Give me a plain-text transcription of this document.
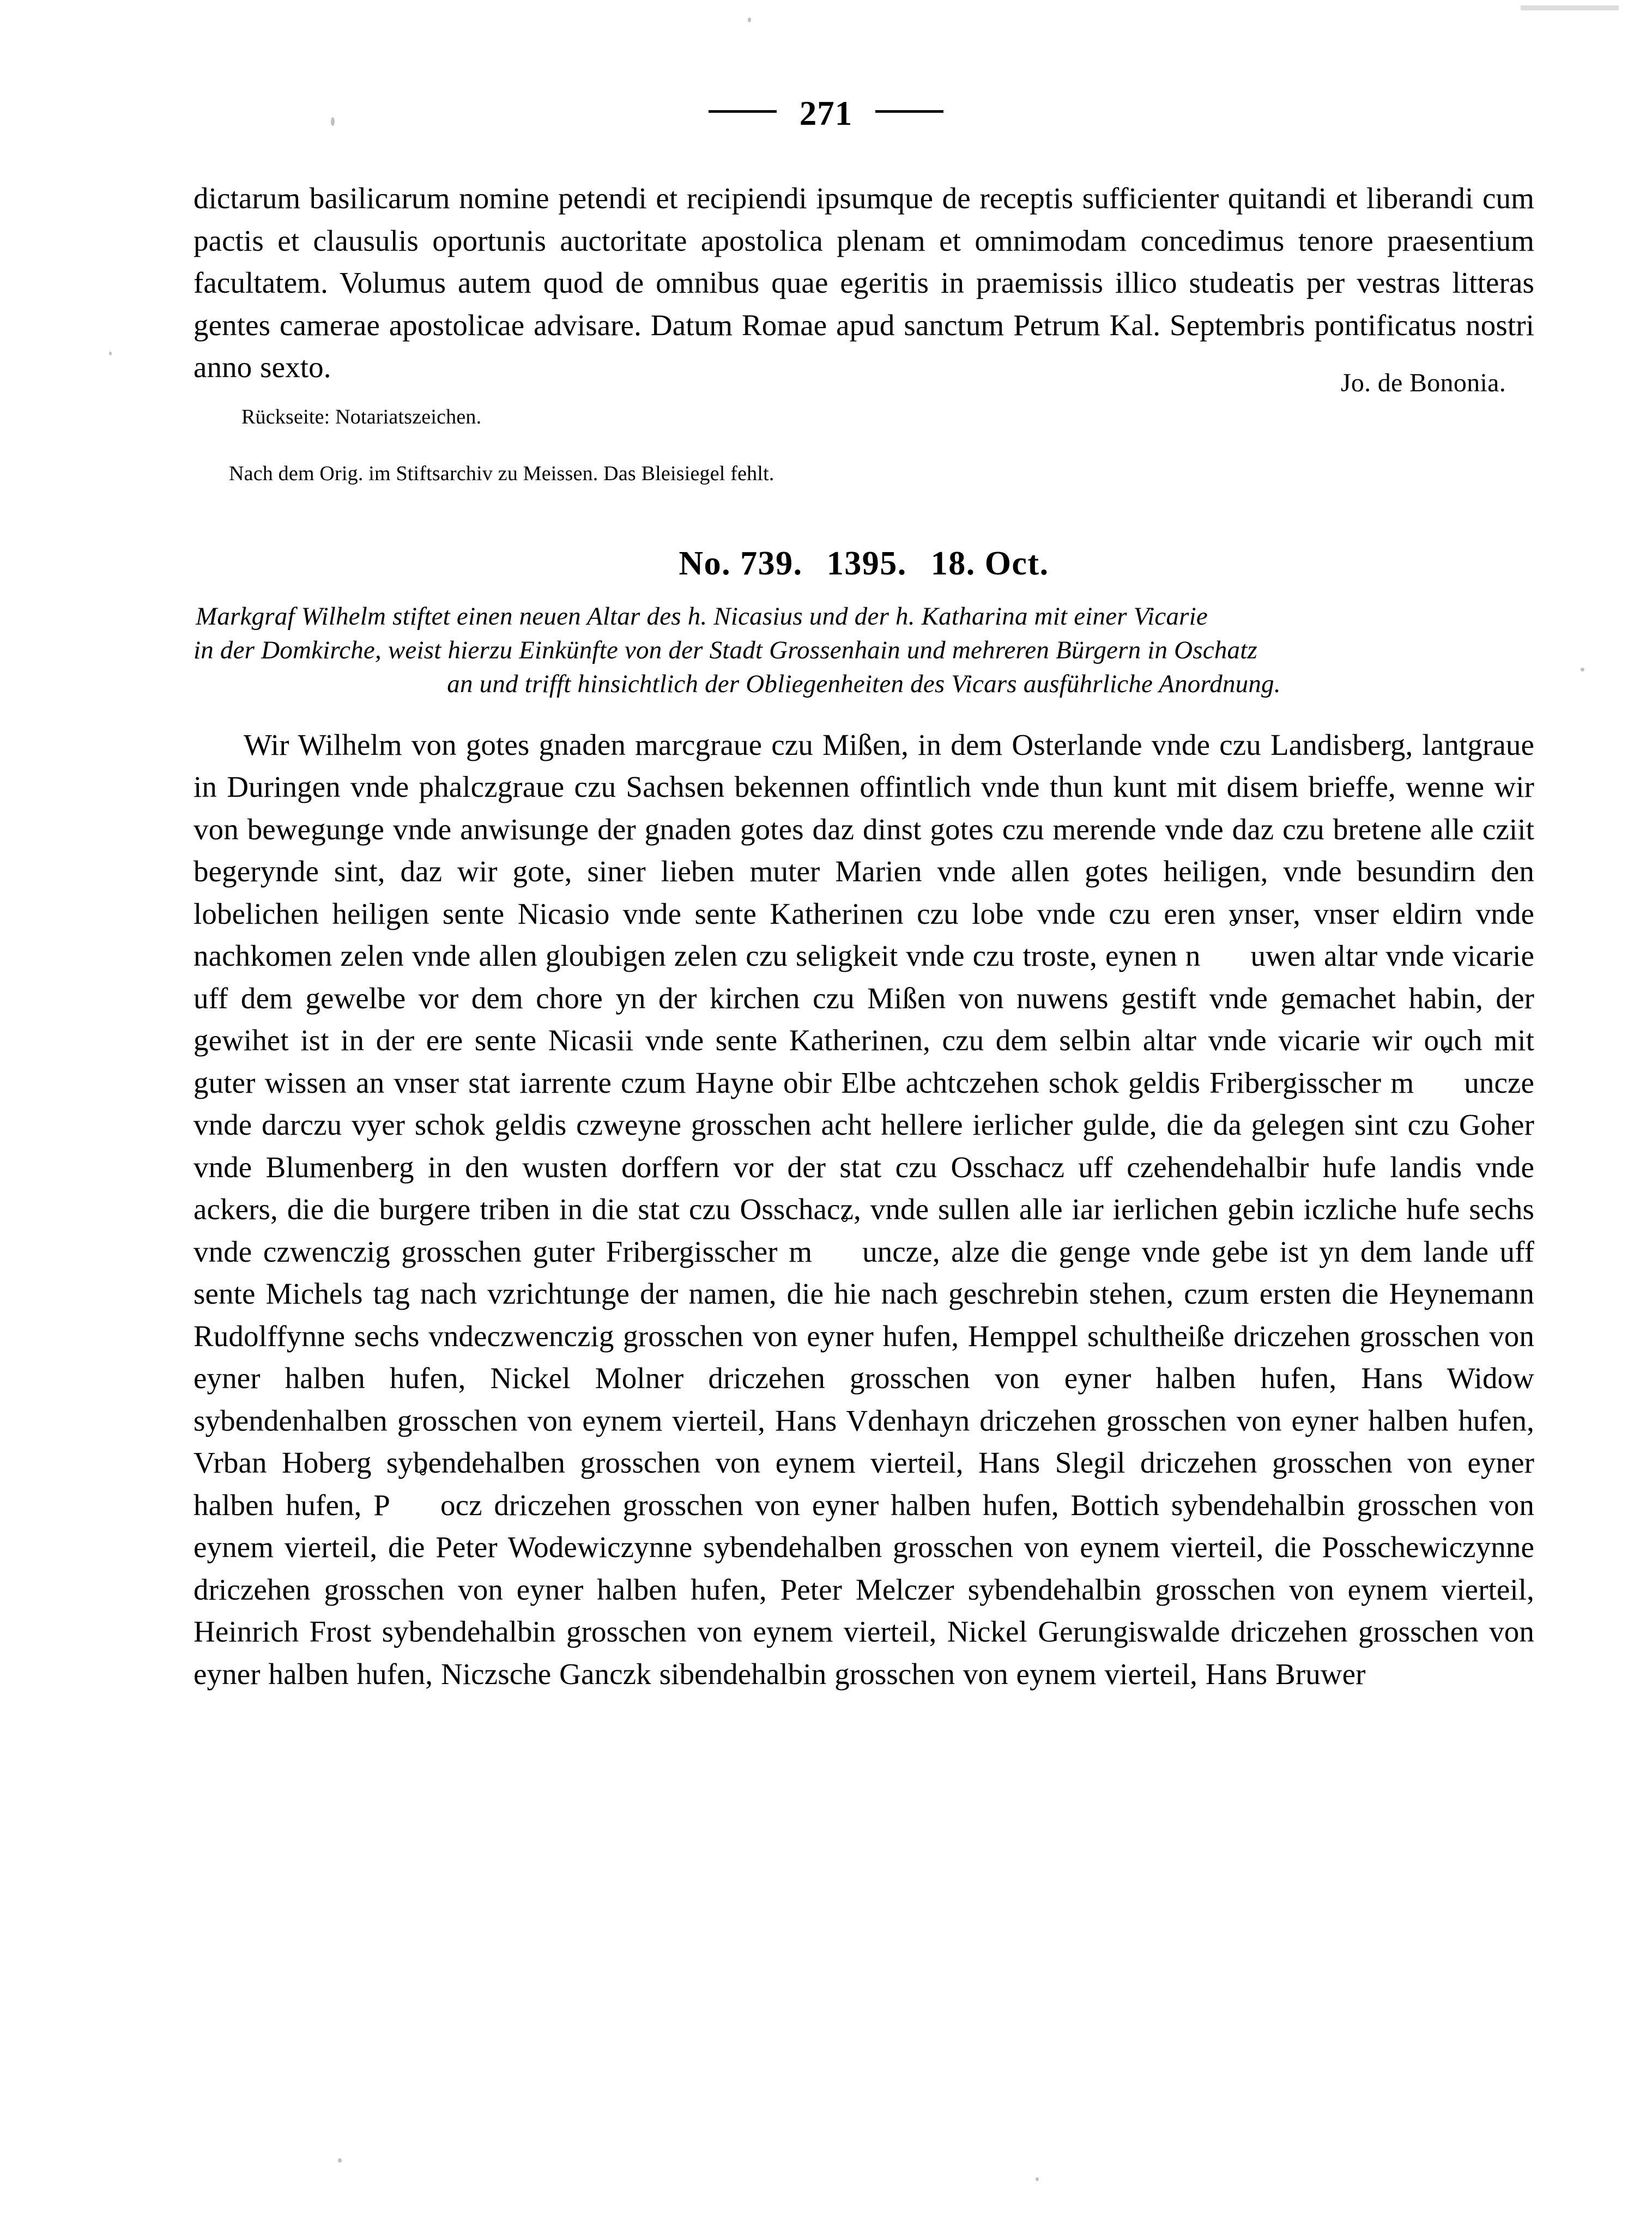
271

dictarum basilicarum nomine petendi et recipiendi ipsumque de receptis sufficienter quitandi et liberandi cum pactis et clausulis oportunis auctoritate apostolica plenam et omnimodam concedimus tenore praesentium facultatem. Volumus autem quod de omnibus quae egeritis in praemissis illico studeatis per vestras litteras gentes camerae apostolicae advisare. Datum Romae apud sanctum Petrum Kal. Septembris pontificatus nostri anno sexto.	Jo. de Bononia.
Rückseite: Notariatszeichen.
Nach dem Orig. im Stiftsarchiv zu Meissen. Das Bleisiegel fehlt.
No. 739. 1395. 18. Oct.
Markgraf Wilhelm stiftet einen neuen Altar des h. Nicasius und der h. Katharina mit einer Vicarie
in der Domkirche, weist hierzu Einkünfte von der Stadt Grossenhain und mehreren Bürgern in Oschatz
an und trifft hinsichtlich der Obliegenheiten des Vicars ausführliche Anordnung.

Wir Wilhelm von gotes gnaden marcgraue czu Mißen, in dem Osterlande vnde czu Landisberg, lantgraue in Duringen vnde phalczgraue czu Sachsen bekennen offintlich vnde thun kunt mit disem brieffe, wenne wir von bewegunge vnde anwisunge der gnaden gotes daz dinst gotes czu merende vnde daz czu bretene alle cziit begerynde sint, daz wir gote, siner lieben muter Marien vnde allen gotes heiligen, vnde besundirn den lobelichen heiligen sente Nicasio vnde sente Katherinen czu lobe vnde czu eren vnser, vnser eldirn vnde nachkomen zelen vnde allen gloubigen zelen czu seligkeit vnde czu troste, eynen n uwen altar vnde vicarie uff dem gewelbe vor dem chore yn der kirchen czu Mißen von nuwens gestift vnde gemachet habin, der gewihet ist in der ere sente Nicasii vnde sente Katherinen, czu dem selbin altar vnde vicarie wir ouch mit guter wissen an vnser stat iarrente czum Hayne obir Elbe achtczehen schok geldis Fribergisscher m uncze vnde darczu vyer schok geldis czweyne grosschen acht hellere ierlicher gulde, die da gelegen sint czu Goher vnde Blumenberg in den wusten dorffern vor der stat czu Osschacz uff czehendehalbir hufe landis vnde ackers, die die burgere triben in die stat czu Osschacz, vnde sullen alle iar ierlichen gebin iczliche hufe sechs vnde czwenczig grosschen guter Fribergisscher m uncze, alze die genge vnde gebe ist yn dem lande uff sente Michels tag nach vzrichtunge der namen, die hie nach geschrebin stehen, czum ersten die Heynemann Rudolffynne sechs vndeczwenczig grosschen von eyner hufen, Hemppel schultheiße driczehen grosschen von eyner halben hufen, Nickel Molner driczehen grosschen von eyner halben hufen, Hans Widow sybendenhalben grosschen von eynem vierteil, Hans Vdenhayn driczehen grosschen von eyner halben hufen, Vrban Hoberg sybendehalben grosschen von eynem vierteil, Hans Slegil driczehen grosschen von eyner halben hufen, P ocz driczehen grosschen von eyner halben hufen, Bottich sybendehalbin grosschen von eynem vierteil, die Peter Wodewiczynne sybendehalben grosschen von eynem vierteil, die Posschewiczynne driczehen grosschen von eyner halben hufen, Peter Melczer sybendehalbin grosschen von eynem vierteil, Heinrich Frost sybendehalbin grosschen von eynem vierteil, Nickel Gerungiswalde driczehen grosschen von eyner halben hufen, Niczsche Ganczk sibendehalbin grosschen von eynem vierteil, Hans Bruwer
